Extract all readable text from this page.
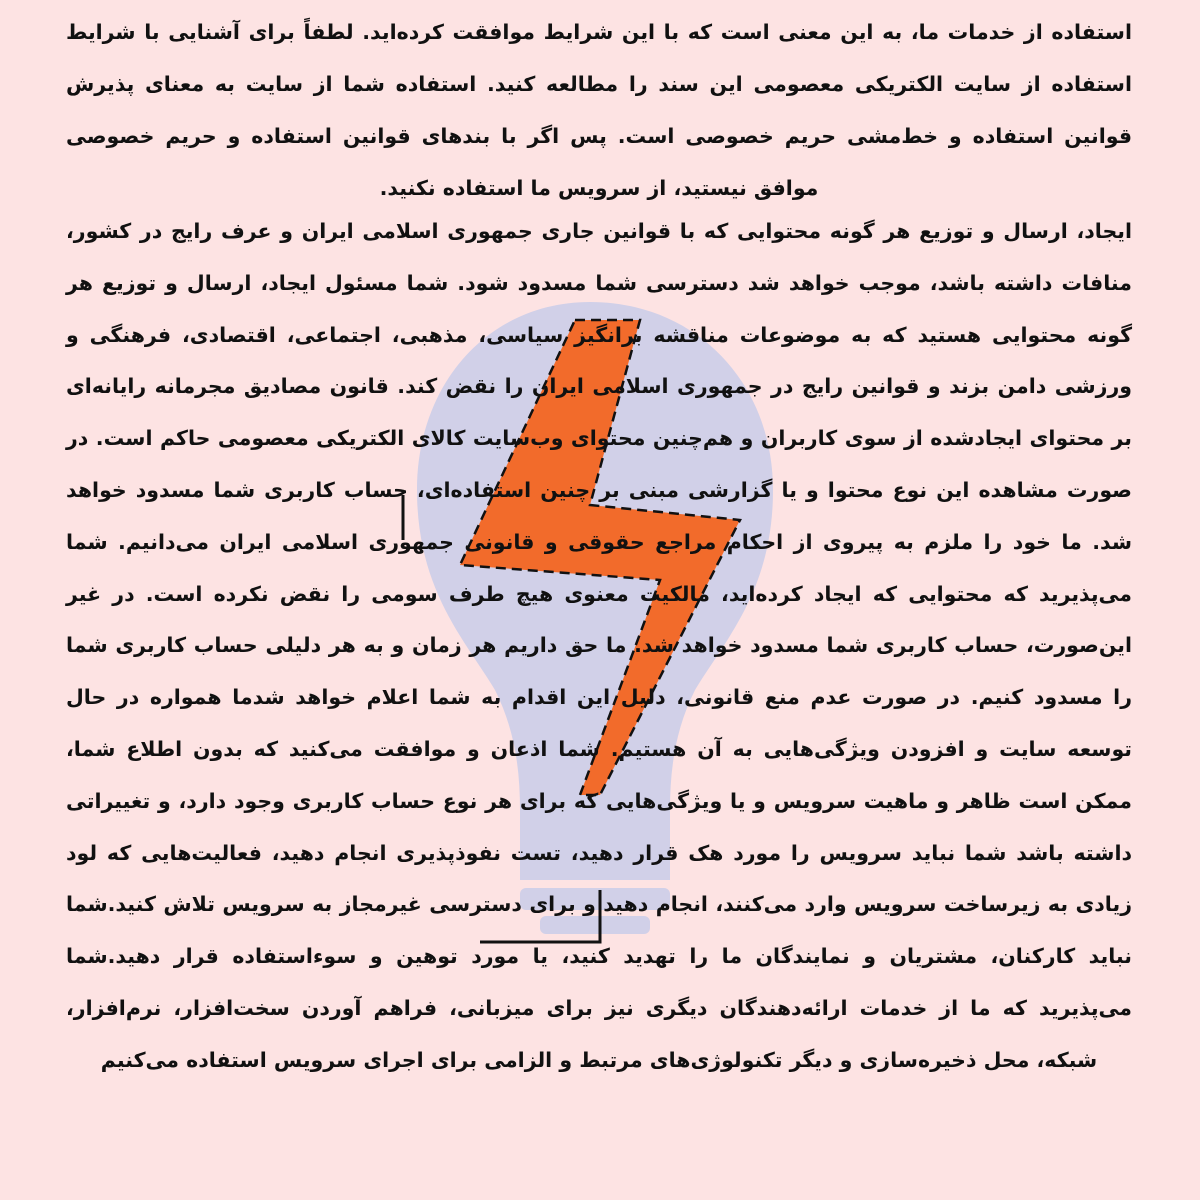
استفاده از خدمات ما، به این معنی است که با این شرایط موافقت کرده‌اید. لطفاً برای آشنایی با شرایط استفاده از سایت الکتریکی معصومی این سند را مطالعه کنید. استفاده شما از سایت به معنای پذیرش قوانین استفاده و خط‌مشی حریم خصوصی است. پس اگر با بندهای قوانین استفاده و حریم خصوصی موافق نیستید، از سرویس ما استفاده نکنید.

ایجاد، ارسال و توزیع هر گونه محتوایی که با قوانین جاری جمهوری اسلامی ایران و عرف رایج در کشور، منافات داشته باشد، موجب خواهد شد دسترسی شما مسدود شود. شما مسئول ایجاد، ارسال و توزیع هر گونه محتوایی هستید که به موضوعات مناقشه برانگیز سیاسی، مذهبی، اجتماعی، اقتصادی، فرهنگی و ورزشی دامن بزند و قوانین رایج در جمهوری اسلامی ایران را نقض کند. قانون مصادیق مجرمانه رایانه‌ای بر محتوای ایجادشده از سوی کاربران و هم‌چنین محتوای وب‌سایت کالای الکتریکی معصومی حاکم است. در صورت مشاهده این نوع محتوا و یا گزارشی مبنی بر چنین استفاده‌ای، حساب کاربری شما مسدود خواهد شد. ما خود را ملزم به پیروی از احکام مراجع حقوقی و قانونی جمهوری اسلامی ایران می‌دانیم. شما می‌پذیرید که محتوایی که ایجاد کرده‌اید، مالکیت معنوی هیچ طرف سومی را نقض نکرده است. در غیر این‌صورت، حساب کاربری شما مسدود خواهد شد. ما حق داریم هر زمان و به هر دلیلی حساب کاربری شما را مسدود کنیم. در صورت عدم منع قانونی، دلیل این اقدام به شما اعلام خواهد شدما همواره در حال توسعه سایت و افزودن ویژگی‌هایی به آن هستیم. شما اذعان و موافقت می‌کنید که بدون اطلاع شما، ممکن است ظاهر و ماهیت سرویس و یا ویژگی‌هایی که برای هر نوع حساب کاربری وجود دارد، و تغییراتی داشته باشد شما نباید سرویس را مورد هک قرار دهید، تست نفوذپذیری انجام دهید، فعالیت‌هایی که لود زیادی به زیرساخت سرویس وارد می‌کنند، انجام دهید و برای دسترسی غیرمجاز به سرویس تلاش کنید.شما نباید کارکنان، مشتریان و نمایندگان ما را تهدید کنید، یا مورد توهین و سوءاستفاده قرار دهید.شما می‌پذیرید که ما از خدمات ارائه‌دهندگان دیگری نیز برای میزبانی، فراهم آوردن سخت‌افزار، نرم‌افزار، شبکه، محل ذخیره‌سازی و دیگر تکنولوژی‌های مرتبط و الزامی برای اجرای سرویس استفاده می‌کنیم
